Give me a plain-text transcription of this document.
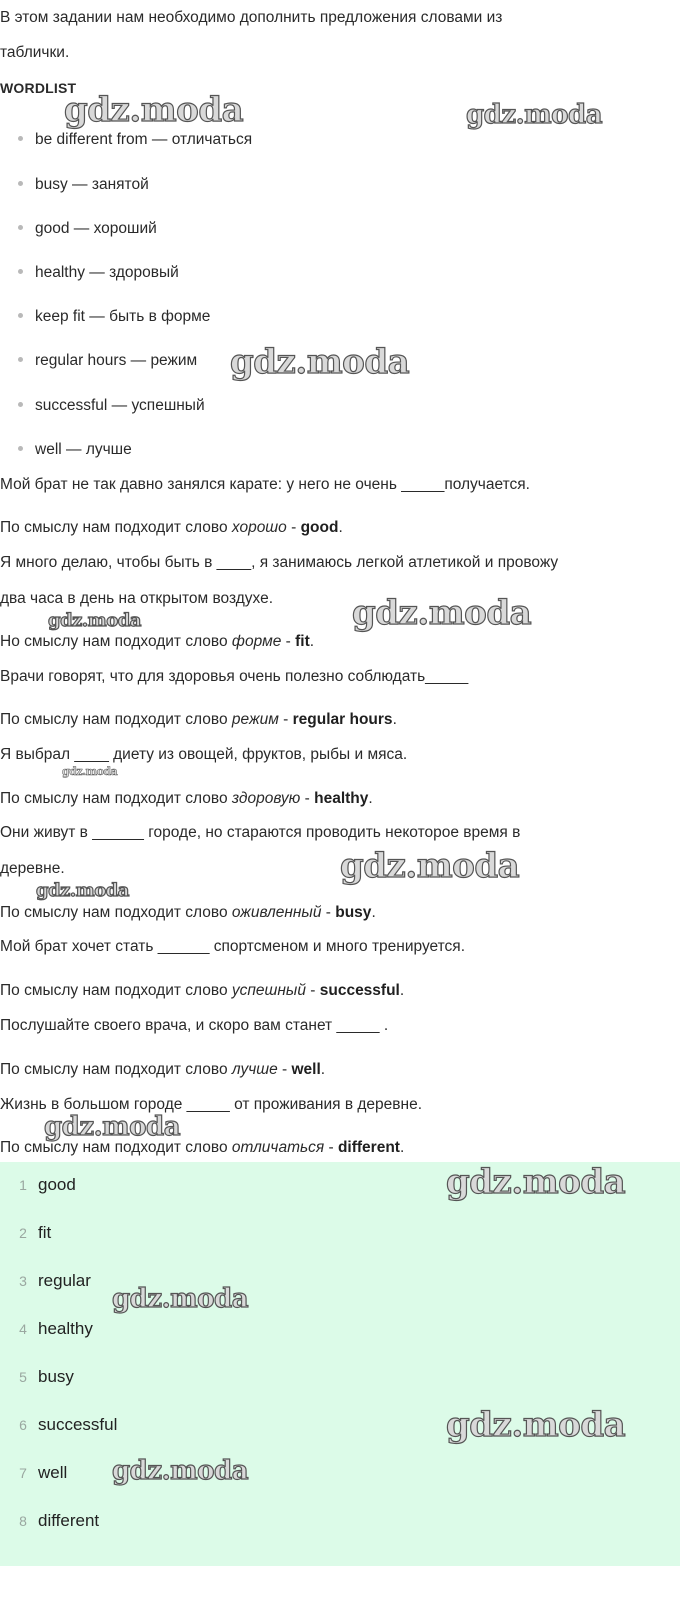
В этом задании нам необходимо дополнить предложения словами из
таблички.
WORDLIST
be different from — отличаться
busy — занятой
good — хороший
healthy — здоровый
keep fit — быть в форме
regular hours — режим
successful — успешный
well — лучше
Мой брат не так давно занялся карате: у него не очень _____получается.
По смыслу нам подходит слово хорошо - good.
Я много делаю, чтобы быть в ____, я занимаюсь легкой атлетикой и провожу
два часа в день на открытом воздухе.
Но смыслу нам подходит слово форме - fit.
Врачи говорят, что для здоровья очень полезно соблюдать_____
По смыслу нам подходит слово режим - regular hours.
Я выбрал ____ диету из овощей, фруктов, рыбы и мяса.
По смыслу нам подходит слово здоровую - healthy.
Они живут в ______ городе, но стараются проводить некоторое время в
деревне.
По смыслу нам подходит слово оживленный - busy.
Мой брат хочет стать ______ спортсменом и много тренируется.
По смыслу нам подходит слово успешный - successful.
Послушайте своего врача, и скоро вам станет _____ .
По смыслу нам подходит слово лучше - well.
Жизнь в большом городе _____ от проживания в деревне.
По смыслу нам подходит слово отличаться - different.
1 good
2 fit
3 regular
4 healthy
5 busy
6 successful
7 well
8 different
gdz.moda	gdz.moda
gdz.moda
gdz.moda
gdz.moda
gdz.moda
gdz.moda
gdz.moda
gdz.moda
gdz.moda
gdz.moda
gdz.moda
gdz.moda
